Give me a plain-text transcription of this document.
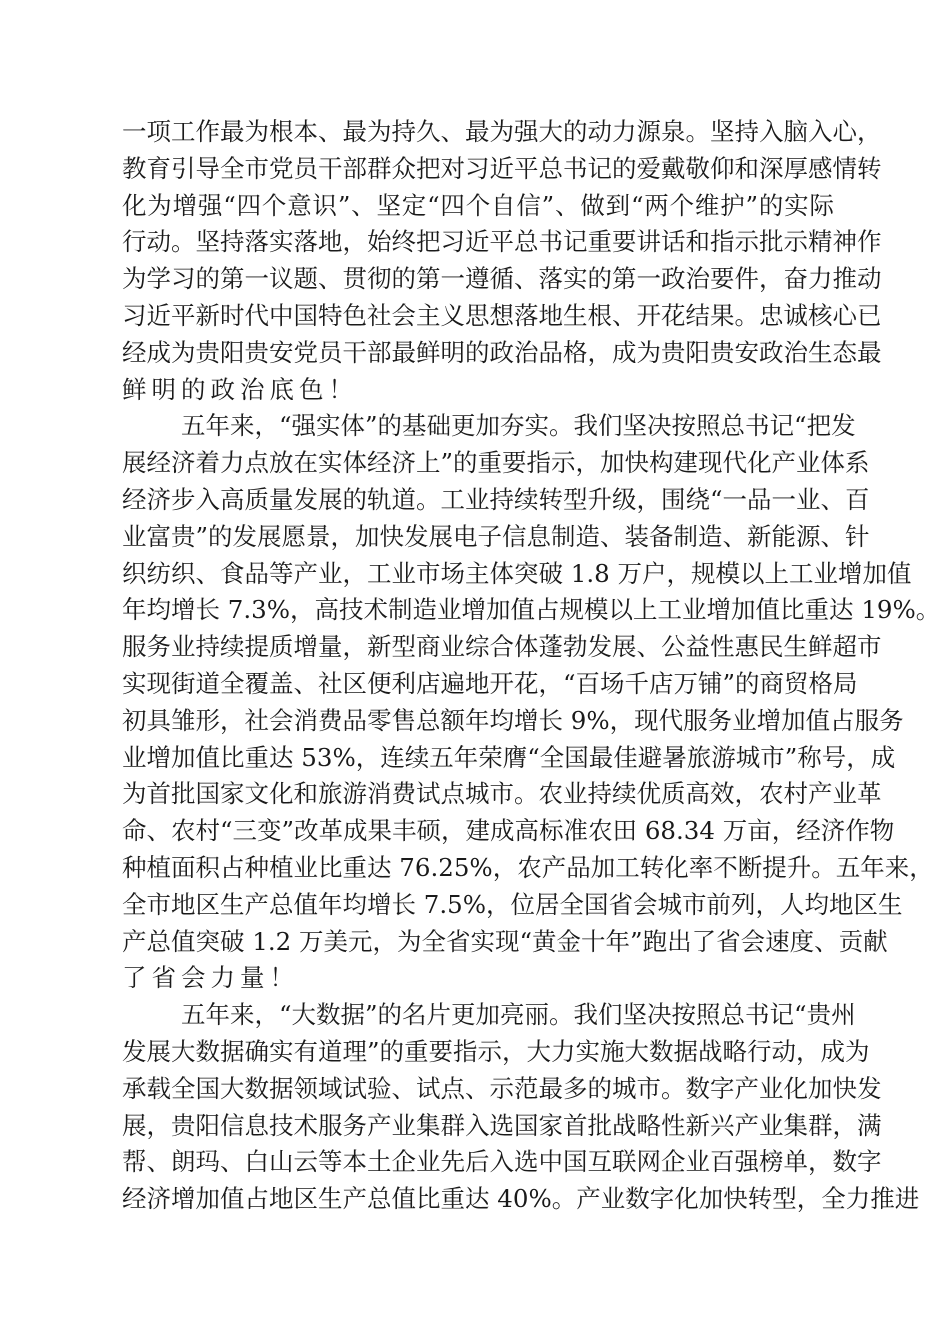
一项工作最为根本、最为持久、最为强大的动力源泉。坚持入脑入心，
教育引导全市党员干部群众把对习近平总书记的爱戴敬仰和深厚感情转
化为增强“四个意识”、坚定“四个自信”、做到“两个维护”的实际
行动。坚持落实落地，始终把习近平总书记重要讲话和指示批示精神作
为学习的第一议题、贯彻的第一遵循、落实的第一政治要件，奋力推动
习近平新时代中国特色社会主义思想落地生根、开花结果。忠诚核心已
经成为贵阳贵安党员干部最鲜明的政治品格，成为贵阳贵安政治生态最
鲜明的政治底色！
五年来，“强实体”的基础更加夯实。我们坚决按照总书记“把发
展经济着力点放在实体经济上”的重要指示，加快构建现代化产业体系
经济步入高质量发展的轨道。工业持续转型升级，围绕“一品一业、百
业富贵”的发展愿景，加快发展电子信息制造、装备制造、新能源、针
织纺织、食品等产业，工业市场主体突破 1.8 万户，规模以上工业增加值
年均增长 7.3%，高技术制造业增加值占规模以上工业增加值比重达 19%。
服务业持续提质增量，新型商业综合体蓬勃发展、公益性惠民生鲜超市
实现街道全覆盖、社区便利店遍地开花，“百场千店万铺”的商贸格局
初具雏形，社会消费品零售总额年均增长 9%，现代服务业增加值占服务
业增加值比重达 53%，连续五年荣膺“全国最佳避暑旅游城市”称号，成
为首批国家文化和旅游消费试点城市。农业持续优质高效，农村产业革
命、农村“三变”改革成果丰硕，建成高标准农田 68.34 万亩，经济作物
种植面积占种植业比重达 76.25%，农产品加工转化率不断提升。五年来，
全市地区生产总值年均增长 7.5%，位居全国省会城市前列，人均地区生
产总值突破 1.2 万美元，为全省实现“黄金十年”跑出了省会速度、贡献
了省会力量！
五年来，“大数据”的名片更加亮丽。我们坚决按照总书记“贵州
发展大数据确实有道理”的重要指示，大力实施大数据战略行动，成为
承载全国大数据领域试验、试点、示范最多的城市。数字产业化加快发
展，贵阳信息技术服务产业集群入选国家首批战略性新兴产业集群，满
帮、朗玛、白山云等本土企业先后入选中国互联网企业百强榜单，数字
经济增加值占地区生产总值比重达 40%。产业数字化加快转型，全力推进
